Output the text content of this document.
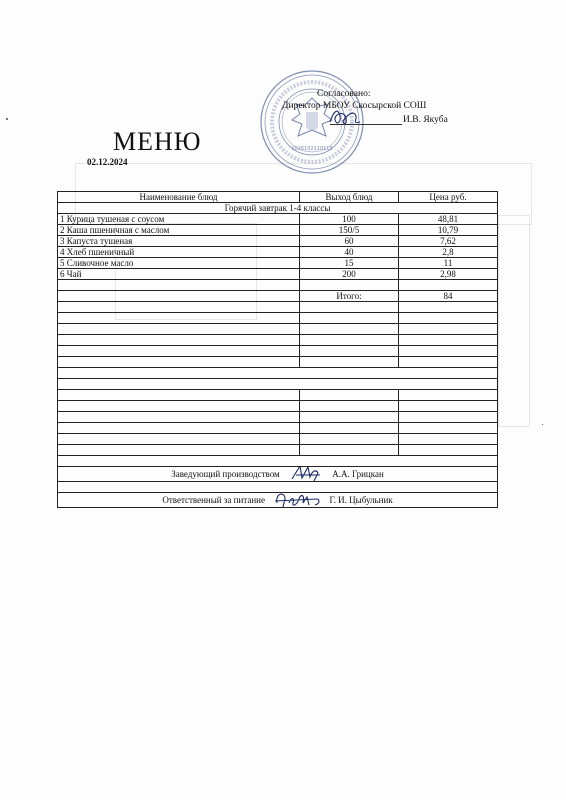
1026102110115
Согласовано:
Директор МБОУ Скосырской СОШ
И.В. Якуба
МЕНЮ
02.12.2024
Наименование блюд	Выход блюд	Цена руб.
Горячий завтрак 1-4 классы		
1 Курица тушеная с соусом	100	48,81
2 Каша пшеничная с маслом	150/5	10,79
3 Капуста тушеная	60	7,62
4 Хлеб пшеничный	40	2,8
5 Сливочное масло	15	11
6 Чай	200	2,98

	Итого:	84

Заведующий производством А.А. Грицкан		

Ответственный за питание Г. И. Цыбульник		
